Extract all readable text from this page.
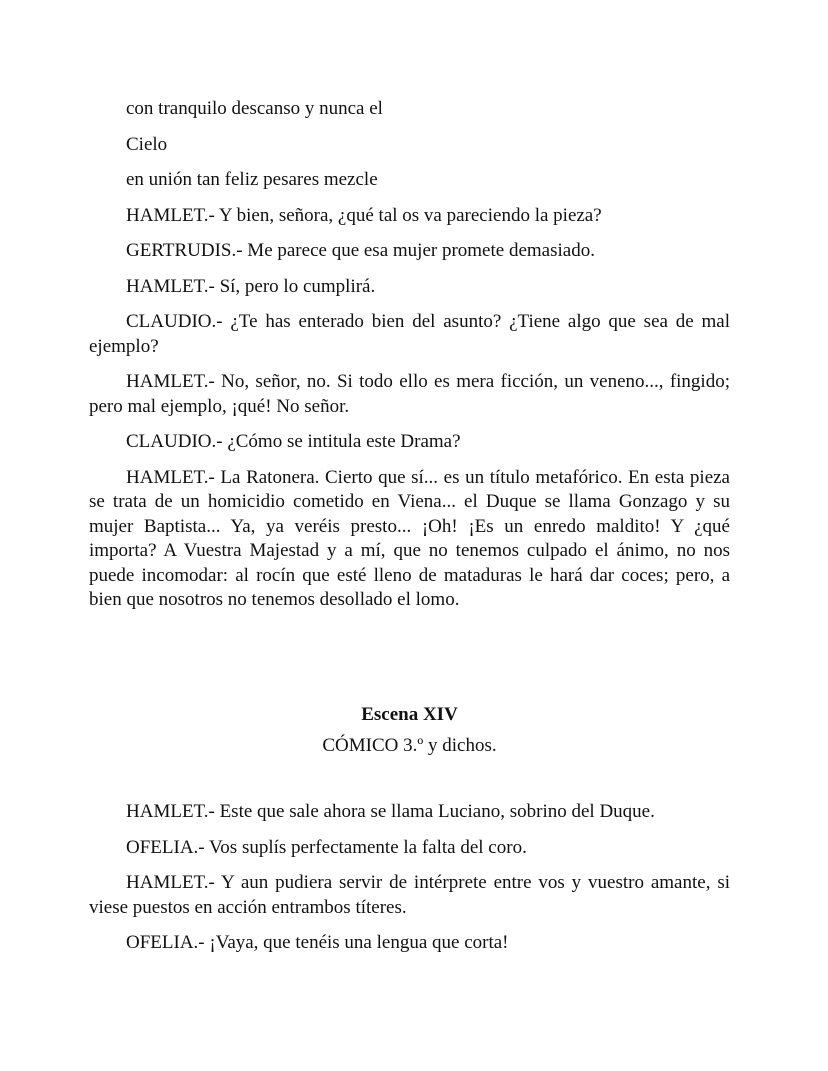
con tranquilo descanso y nunca el

Cielo

en unión tan feliz pesares mezcle

HAMLET.- Y bien, señora, ¿qué tal os va pareciendo la pieza?

GERTRUDIS.- Me parece que esa mujer promete demasiado.

HAMLET.- Sí, pero lo cumplirá.

CLAUDIO.- ¿Te has enterado bien del asunto? ¿Tiene algo que sea de mal ejemplo?

HAMLET.- No, señor, no. Si todo ello es mera ficción, un veneno..., fingido; pero mal ejemplo, ¡qué! No señor.

CLAUDIO.- ¿Cómo se intitula este Drama?

HAMLET.- La Ratonera. Cierto que sí... es un título metafórico. En esta pieza se trata de un homicidio cometido en Viena... el Duque se llama Gonzago y su mujer Baptista... Ya, ya veréis presto... ¡Oh! ¡Es un enredo maldito! Y ¿qué importa? A Vuestra Majestad y a mí, que no tenemos culpado el ánimo, no nos puede incomodar: al rocín que esté lleno de mataduras le hará dar coces; pero, a bien que nosotros no tenemos desollado el lomo.

Escena XIV

CÓMICO 3.º y dichos.

HAMLET.- Este que sale ahora se llama Luciano, sobrino del Duque.

OFELIA.- Vos suplís perfectamente la falta del coro.

HAMLET.- Y aun pudiera servir de intérprete entre vos y vuestro amante, si viese puestos en acción entrambos títeres.

OFELIA.- ¡Vaya, que tenéis una lengua que corta!
